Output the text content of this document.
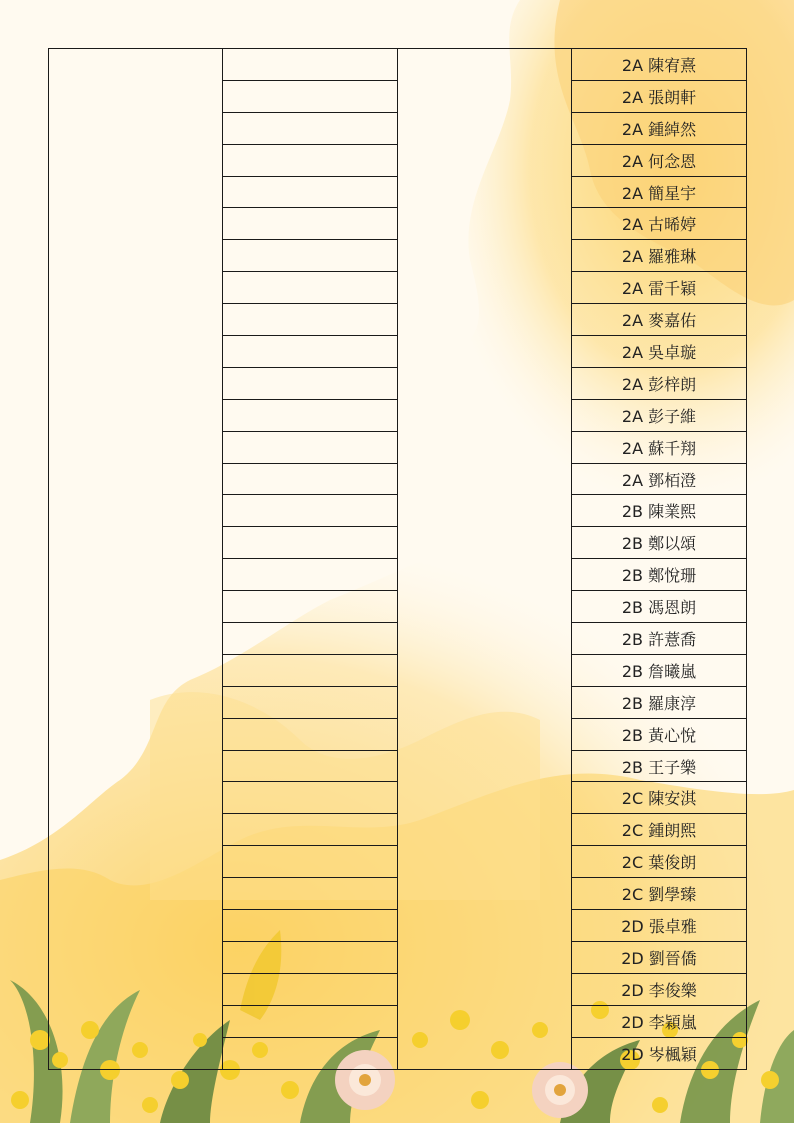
			2A 陳宥熹
			2A 張朗軒
			2A 鍾綽然
			2A 何念恩
			2A 簡星宇
			2A 古晞婷
			2A 羅雅琳
			2A 雷千穎
			2A 麥嘉佑
			2A 吳卓璇
			2A 彭梓朗
			2A 彭子維
			2A 蘇千翔
			2A 鄧栢澄
			2B 陳業熙
			2B 鄭以頌
			2B 鄭悅珊
			2B 馮恩朗
			2B 許薏喬
			2B 詹曦嵐
			2B 羅康淳
			2B 黃心悅
			2B 王子樂
			2C 陳安淇
			2C 鍾朗熙
			2C 葉俊朗
			2C 劉學臻
			2D 張卓雅
			2D 劉晉僑
			2D 李俊樂
			2D 李穎嵐
			2D 岑楓穎
